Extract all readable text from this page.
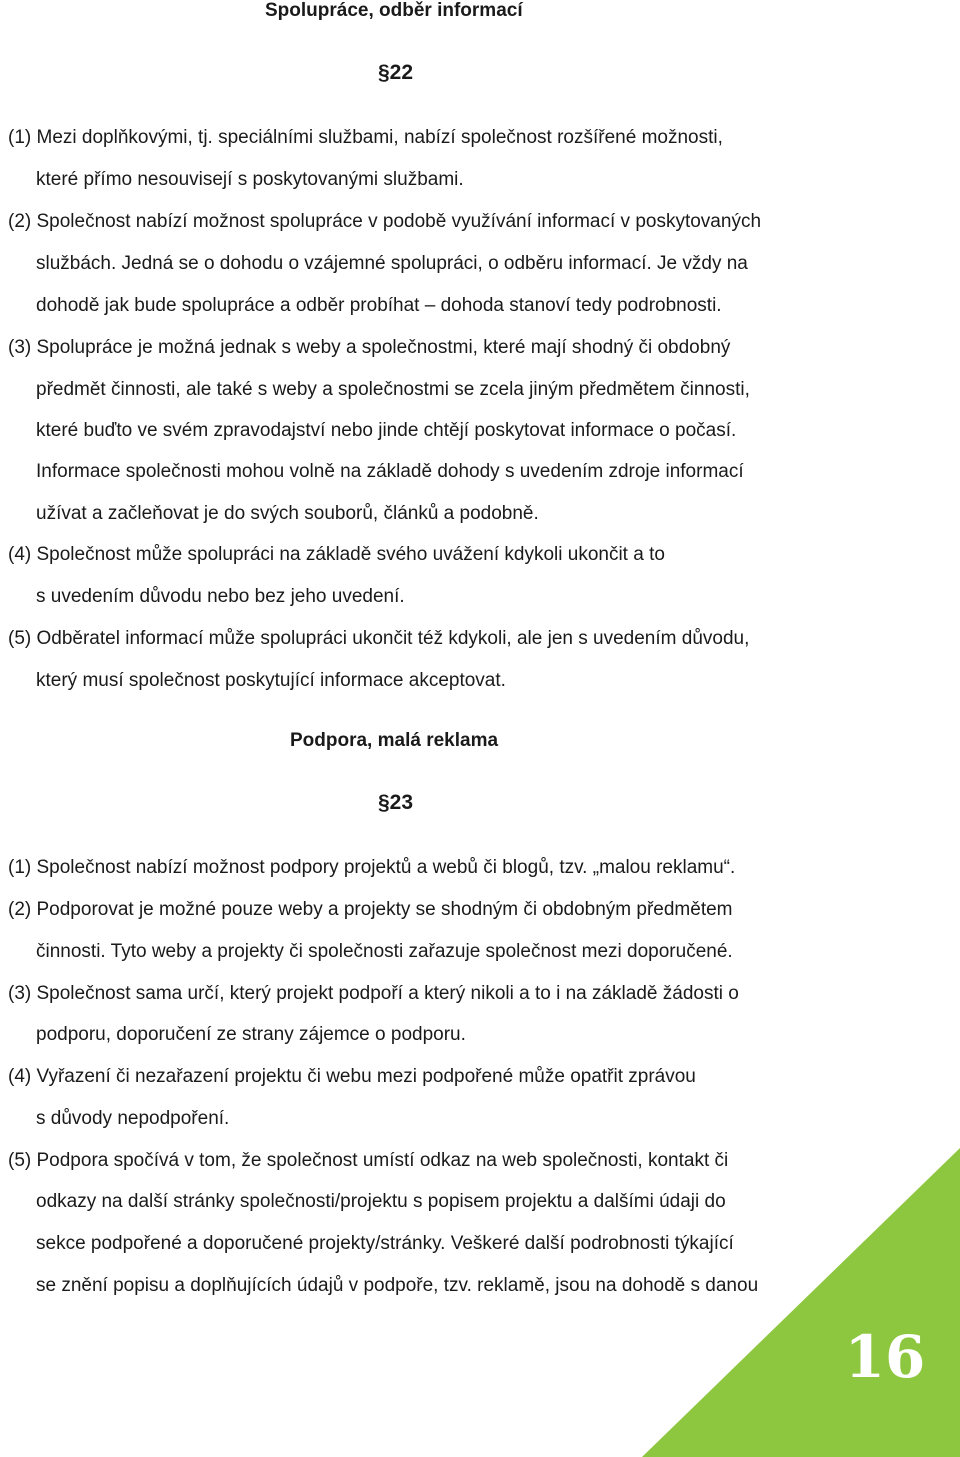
Spolupráce, odběr informací
§22

(1) Mezi doplňkovými, tj. speciálními službami, nabízí společnost rozšířené možnosti,

které přímo nesouvisejí s poskytovanými službami.

(2) Společnost nabízí možnost spolupráce v podobě využívání informací v poskytovaných

službách. Jedná se o dohodu o vzájemné spolupráci, o odběru informací. Je vždy na

dohodě jak bude spolupráce a odběr probíhat – dohoda stanoví tedy podrobnosti.

(3) Spolupráce je možná jednak s weby a společnostmi, které mají shodný či obdobný

předmět činnosti, ale také s weby a společnostmi se zcela jiným předmětem činnosti,

které buďto ve svém zpravodajství nebo jinde chtějí poskytovat informace o počasí.

Informace společnosti mohou volně na základě dohody s uvedením zdroje informací

užívat a začleňovat je do svých souborů, článků a podobně.

(4) Společnost může spolupráci na základě svého uvážení kdykoli ukončit a to

s uvedením důvodu nebo bez jeho uvedení.

(5) Odběratel informací může spolupráci ukončit též kdykoli, ale jen s uvedením důvodu,

který musí společnost poskytující informace akceptovat.

Podpora, malá reklama
§23

(1) Společnost nabízí možnost podpory projektů a webů či blogů, tzv. „malou reklamu“.

(2) Podporovat je možné pouze weby a projekty se shodným či obdobným předmětem

činnosti. Tyto weby a projekty či společnosti zařazuje společnost mezi doporučené.

(3) Společnost sama určí, který projekt podpoří a který nikoli a to i na základě žádosti o

podporu, doporučení ze strany zájemce o podporu.

(4) Vyřazení či nezařazení projektu či webu mezi podpořené může opatřit zprávou

s důvody nepodpoření.

(5) Podpora spočívá v tom, že společnost umístí odkaz na web společnosti, kontakt či

odkazy na další stránky společnosti/projektu s popisem projektu a dalšími údaji do

sekce podpořené a doporučené projekty/stránky. Veškeré další podrobnosti týkající

se znění popisu a doplňujících údajů v podpoře, tzv. reklamě, jsou na dohodě s danou

16
